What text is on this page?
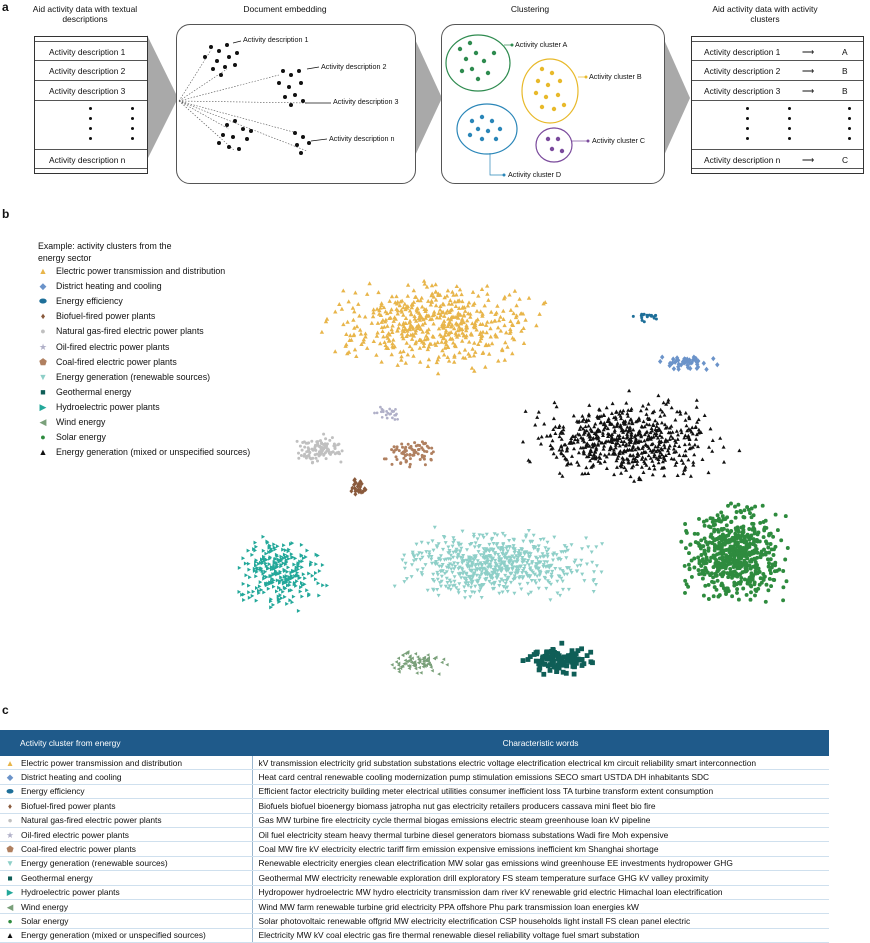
a	Aid activity data with textual descriptions
Document embedding	Clustering	Aid activity data with activity clusters
Activity description 1
Activity description 2
Activity description 3
Activity description n
Activity description 1
Activity description 2
Activity description 3
Activity description n
Activity cluster A
Activity cluster B
Activity cluster C
Activity cluster D
Activity description 1	⟶	A
Activity description 2	⟶	B
Activity description 3	⟶	B
Activity description n	⟶	C
b
Example: activity clusters from the energy sector
▲ Electric power transmission and distribution
◆ District heating and cooling
⬬ Energy efficiency
♦ Biofuel-fired power plants
● Natural gas-fired electric power plants
★ Oil-fired electric power plants
⬟ Coal-fired electric power plants
▼ Energy generation (renewable sources)
■ Geothermal energy
▶ Hydroelectric power plants
◀ Wind energy
● Solar energy
▲ Energy generation (mixed or unspecified sources)
c
Activity cluster from energy	Characteristic words
▲ Electric power transmission and distribution	kV transmission electricity grid substation substations electric voltage electrification electrical km circuit reliability smart interconnection
◆ District heating and cooling	Heat card central renewable cooling modernization pump stimulation emissions SECO smart USTDA DH inhabitants SDC
⬬ Energy efficiency	Efficient factor electricity building meter electrical utilities consumer inefficient loss TA turbine transform extent consumption
♦ Biofuel-fired power plants	Biofuels biofuel bioenergy biomass jatropha nut gas electricity retailers producers cassava mini fleet bio fire
● Natural gas-fired electric power plants	Gas MW turbine fire electricity cycle thermal biogas emissions electric steam greenhouse loan kV pipeline
★ Oil-fired electric power plants	Oil fuel electricity steam heavy thermal turbine diesel generators biomass substations Wadi fire Moh expensive
⬟ Coal-fired electric power plants	Coal MW fire kV electricity electric tariff firm emission expensive emissions inefficient km Shanghai shortage
▼ Energy generation (renewable sources)	Renewable electricity energies clean electrification MW solar gas emissions wind greenhouse EE investments hydropower GHG
■ Geothermal energy	Geothermal MW electricity renewable exploration drill exploratory FS steam temperature surface GHG kV valley proximity
▶ Hydroelectric power plants	Hydropower hydroelectric MW hydro electricity transmission dam river kV renewable grid electric Himachal loan electrification
◀ Wind energy	Wind MW farm renewable turbine grid electricity PPA offshore Phu park transmission loan energies kW
● Solar energy	Solar photovoltaic renewable offgrid MW electricity electrification CSP households light install FS clean panel electric
▲ Energy generation (mixed or unspecified sources)	Electricity MW kV coal electric gas fire thermal renewable diesel reliability voltage fuel smart substation
